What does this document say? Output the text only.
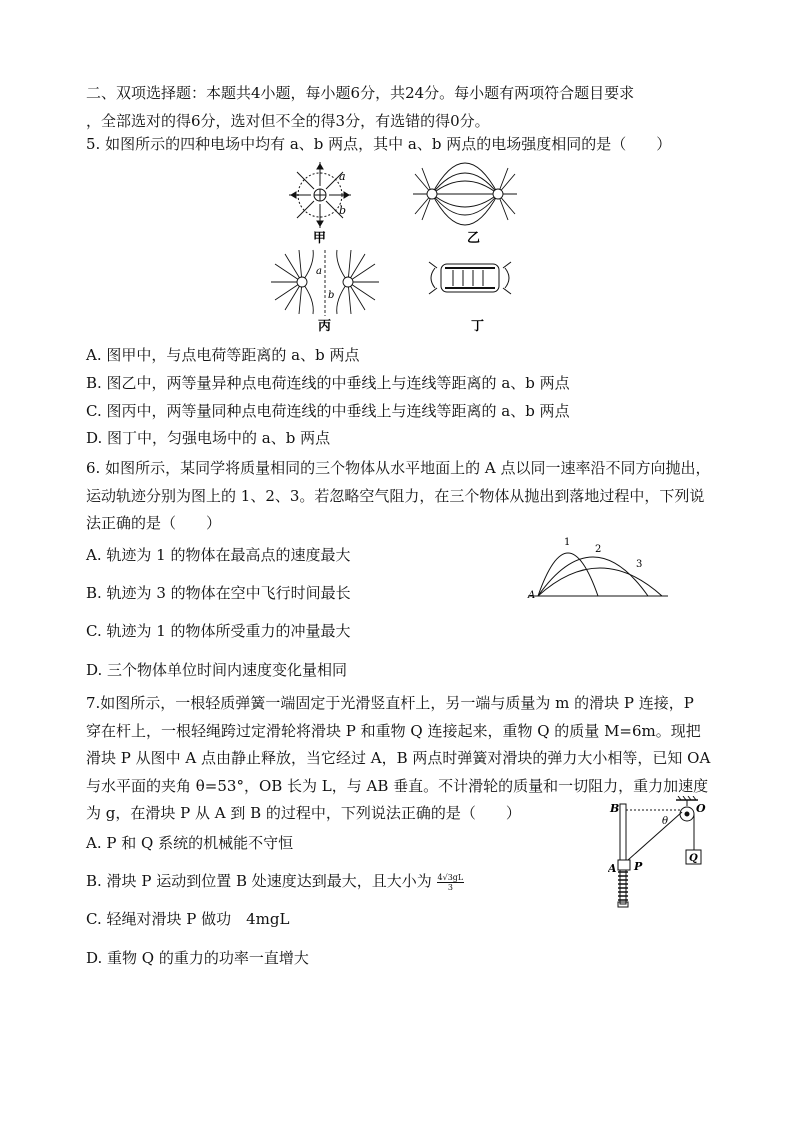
二、双项选择题：本题共4小题，每小题6分，共24分。每小题有两项符合题目要求
，全部选对的得6分，选对但不全的得3分，有选错的得0分。
5. 如图所示的四种电场中均有 a、b 两点，其中 a、b 两点的电场强度相同的是（　　）
a
b
甲	乙
a
b
丙	丁
A. 图甲中，与点电荷等距离的 a、b 两点
B. 图乙中，两等量异种点电荷连线的中垂线上与连线等距离的 a、b 两点
C. 图丙中，两等量同种点电荷连线的中垂线上与连线等距离的 a、b 两点
D. 图丁中，匀强电场中的 a、b 两点
6. 如图所示，某同学将质量相同的三个物体从水平地面上的 A 点以同一速率沿不同方向抛出，运动轨迹分别为图上的 1、2、3。若忽略空气阻力，在三个物体从抛出到落地过程中，下列说法正确的是（　　）
A
1
2
3
A. 轨迹为 1 的物体在最高点的速度最大
B. 轨迹为 3 的物体在空中飞行时间最长
C. 轨迹为 1 的物体所受重力的冲量最大
D. 三个物体单位时间内速度变化量相同
7.如图所示，一根轻质弹簧一端固定于光滑竖直杆上，另一端与质量为 m 的滑块 P 连接，P 穿在杆上，一根轻绳跨过定滑轮将滑块 P 和重物 Q 连接起来，重物 Q 的质量 M=6m。现把滑块 P 从图中 A 点由静止释放，当它经过 A，B 两点时弹簧对滑块的弹力大小相等，已知 OA 与水平面的夹角 θ=53°，OB 长为 L，与 AB 垂直。不计滑轮的质量和一切阻力，重力加速度为 g，在滑块 P 从 A 到 B 的过程中，下列说法正确的是（　　）	B
θ
O
A P
Q
A. P 和 Q 系统的机械能不守恒
B. 滑块 P 运动到位置 B 处速度达到最大，且大小为 $\frac{4√3gL}{3}$
C. 轻绳对滑块 P 做功　4mgL
D. 重物 Q 的重力的功率一直增大
